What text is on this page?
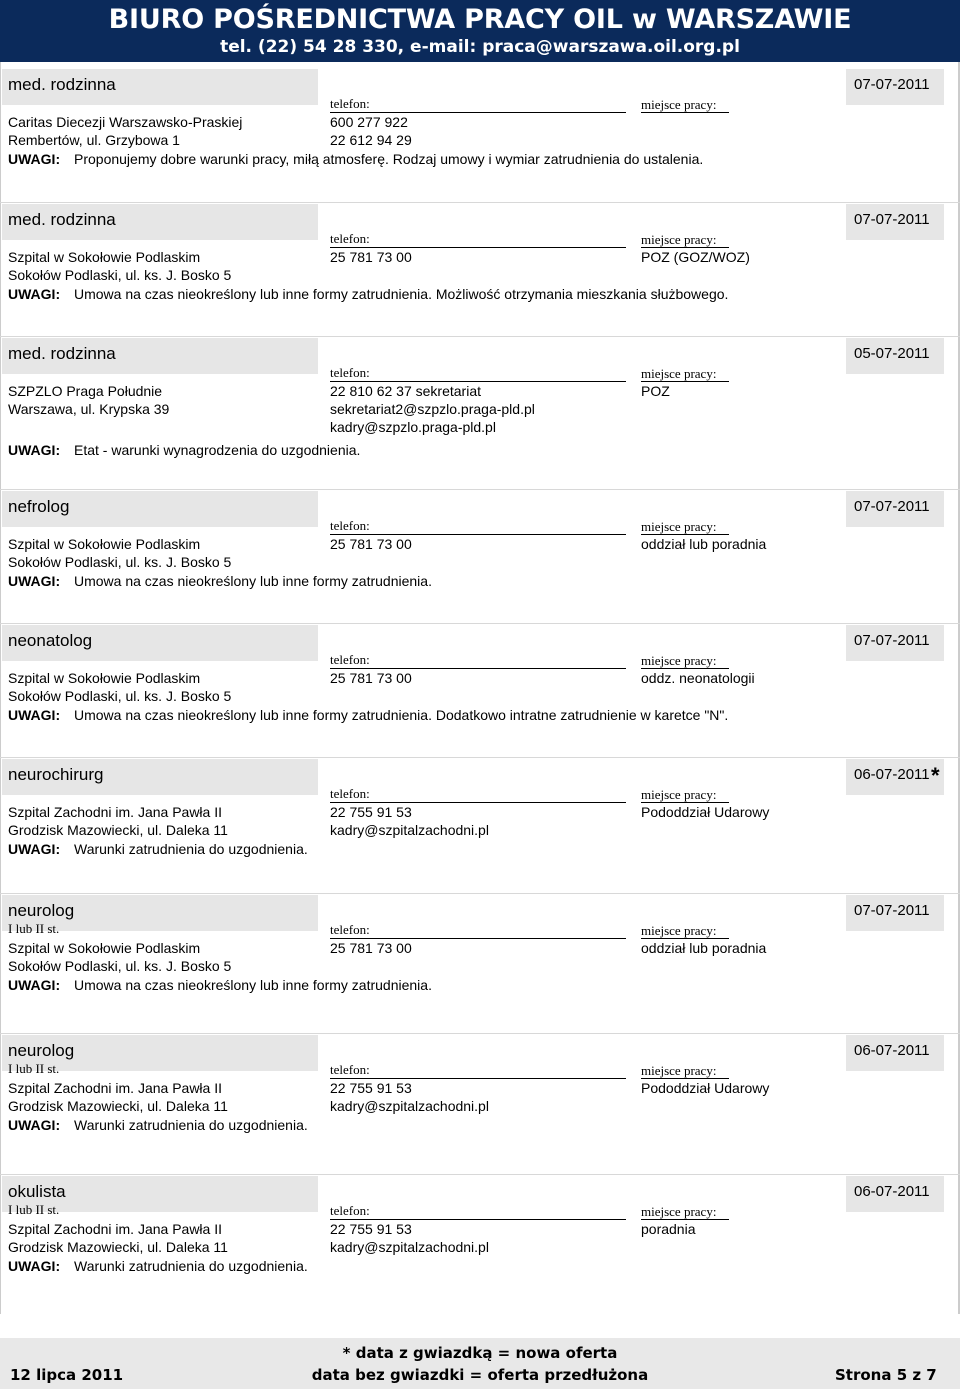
BIURO POŚREDNICTWA PRACY OIL w WARSZAWIE
tel. (22) 54 28 330, e-mail: praca@warszawa.oil.org.pl
med. rodzinna	07-07-2011
telefon:	miejsce pracy:
Caritas Diecezji Warszawsko-Praskiej
Rembertów, ul. Grzybowa 1
600 277 922
22 612 94 29
UWAGI: Proponujemy dobre warunki pracy, miłą atmosferę. Rodzaj umowy i wymiar zatrudnienia do ustalenia.
med. rodzinna	07-07-2011
telefon:	miejsce pracy:
Szpital w Sokołowie Podlaskim
Sokołów Podlaski, ul. ks. J. Bosko 5
25 781 73 00	POZ (GOZ/WOZ)
UWAGI: Umowa na czas nieokreślony lub inne formy zatrudnienia. Możliwość otrzymania mieszkania służbowego.
med. rodzinna	05-07-2011
telefon:	miejsce pracy:
SZPZLO Praga Południe
Warszawa, ul. Krypska 39
22 810 62 37 sekretariat
sekretariat2@szpzlo.praga-pld.pl
kadry@szpzlo.praga-pld.pl
POZ
UWAGI: Etat - warunki wynagrodzenia do uzgodnienia.
nefrolog	07-07-2011
telefon:	miejsce pracy:
Szpital w Sokołowie Podlaskim
Sokołów Podlaski, ul. ks. J. Bosko 5
25 781 73 00	oddział lub poradnia
UWAGI: Umowa na czas nieokreślony lub inne formy zatrudnienia.
neonatolog	07-07-2011
telefon:	miejsce pracy:
Szpital w Sokołowie Podlaskim
Sokołów Podlaski, ul. ks. J. Bosko 5
25 781 73 00	oddz. neonatologii
UWAGI: Umowa na czas nieokreślony lub inne formy zatrudnienia. Dodatkowo intratne zatrudnienie w karetce "N".
neurochirurg	06-07-2011 *
telefon:	miejsce pracy:
Szpital Zachodni im. Jana Pawła II
Grodzisk Mazowiecki, ul. Daleka 11
22 755 91 53
kadry@szpitalzachodni.pl
Pododdział Udarowy
UWAGI: Warunki zatrudnienia do uzgodnienia.
neurolog	07-07-2011
I lub II st.	telefon:	miejsce pracy:
Szpital w Sokołowie Podlaskim
Sokołów Podlaski, ul. ks. J. Bosko 5
25 781 73 00	oddział lub poradnia
UWAGI: Umowa na czas nieokreślony lub inne formy zatrudnienia.
neurolog	06-07-2011
I lub II st.	telefon:	miejsce pracy:
Szpital Zachodni im. Jana Pawła II
Grodzisk Mazowiecki, ul. Daleka 11
22 755 91 53
kadry@szpitalzachodni.pl
Pododdział Udarowy
UWAGI: Warunki zatrudnienia do uzgodnienia.
okulista	06-07-2011
I lub II st.	telefon:	miejsce pracy:
Szpital Zachodni im. Jana Pawła II
Grodzisk Mazowiecki, ul. Daleka 11
22 755 91 53
kadry@szpitalzachodni.pl
poradnia
UWAGI: Warunki zatrudnienia do uzgodnienia.
12 lipca 2011
* data z gwiazdką = nowa oferta
data bez gwiazdki = oferta przedłużona	Strona 5 z 7
